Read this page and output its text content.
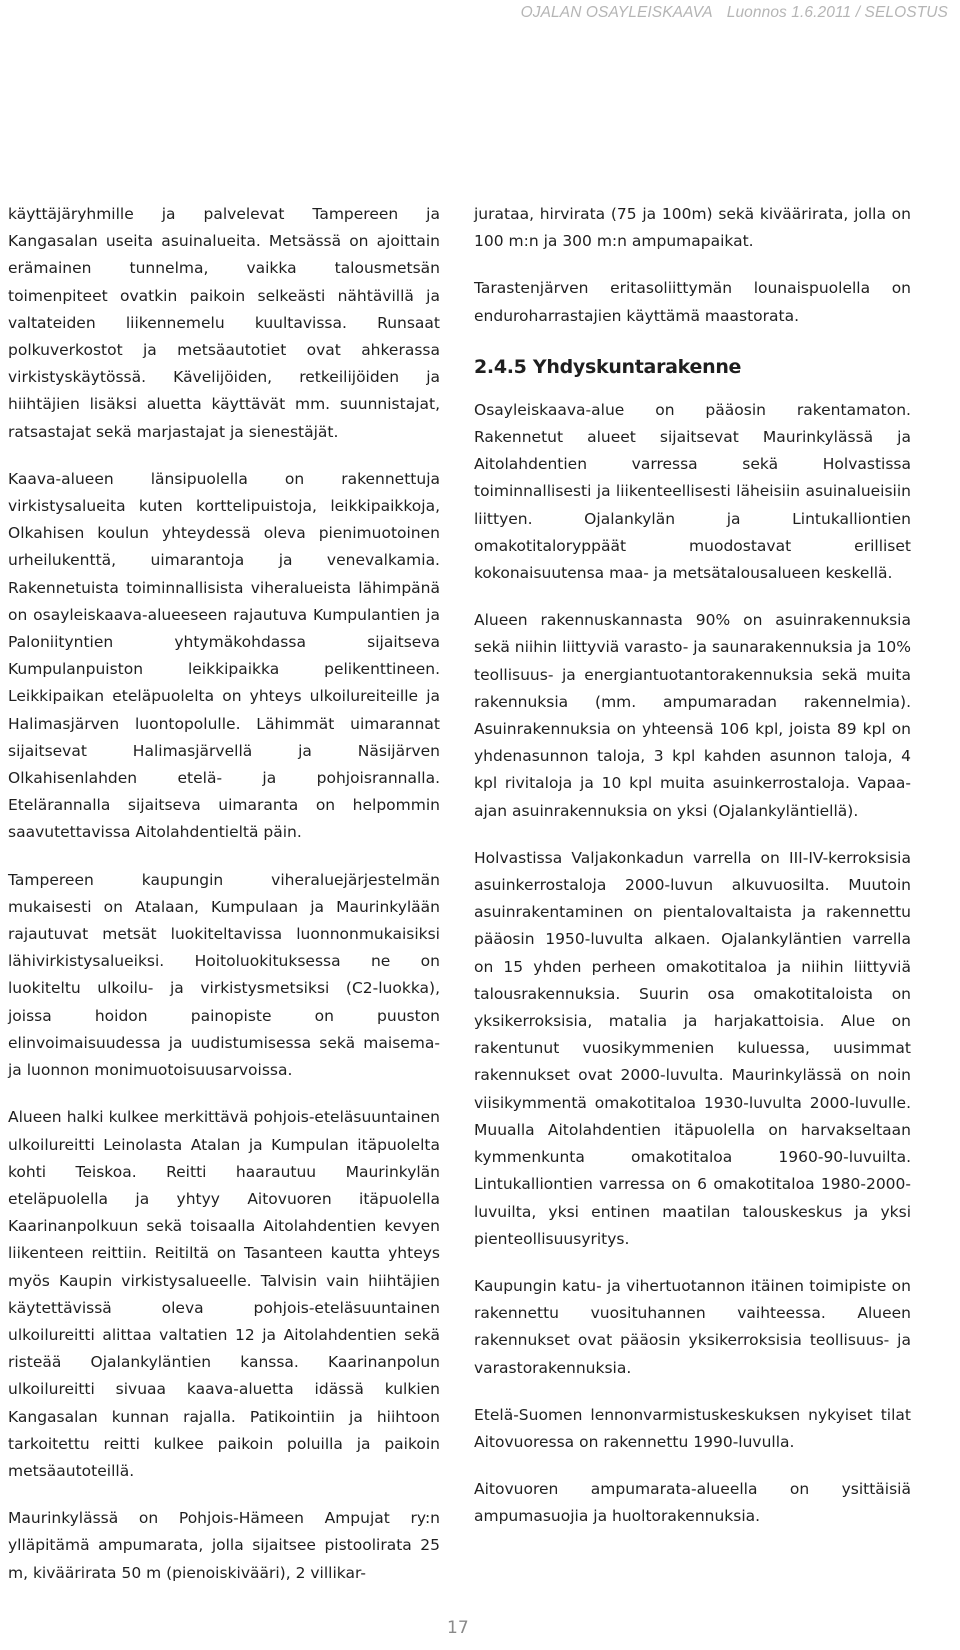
OJALAN OSAYLEISKAAVA Luonnos 1.6.2011 / SELOSTUS

käyttäjäryhmille ja palvelevat Tampereen ja Kangasalan useita asuinalueita. Metsässä on ajoittain erämainen tunnelma, vaikka talousmetsän toimenpiteet ovatkin paikoin selkeästi nähtävillä ja valtateiden liikennemelu kuultavissa. Runsaat polkuverkostot ja metsäautotiet ovat ahkerassa virkistyskäytössä. Kävelijöiden, retkeilijöiden ja hiihtäjien lisäksi aluetta käyttävät mm. suunnistajat, ratsastajat sekä marjastajat ja sienestäjät.

Kaava-alueen länsipuolella on rakennettuja virkistysalueita kuten korttelipuistoja, leikkipaikkoja, Olkahisen koulun yhteydessä oleva pienimuotoinen urheilukenttä, uimarantoja ja venevalkamia. Rakennetuista toiminnallisista viheralueista lähimpänä on osayleiskaava-alueeseen rajautuva Kumpulantien ja Paloniityntien yhtymäkohdassa sijaitseva Kumpulanpuiston leikkipaikka pelikenttineen. Leikkipaikan eteläpuolelta on yhteys ulkoilureiteille ja Halimasjärven luontopolulle. Lähimmät uimarannat sijaitsevat Halimasjärvellä ja Näsijärven Olkahisenlahden etelä- ja pohjoisrannalla. Etelärannalla sijaitseva uimaranta on helpommin saavutettavissa Aitolahdentieltä päin.

Tampereen kaupungin viheraluejärjestelmän mukaisesti on Atalaan, Kumpulaan ja Maurinkylään rajautuvat metsät luokiteltavissa luonnonmukaisiksi lähivirkistysalueiksi. Hoitoluokituksessa ne on luokiteltu ulkoilu- ja virkistysmetsiksi (C2-luokka), joissa hoidon painopiste on puuston elinvoimaisuudessa ja uudistumisessa sekä maisema- ja luonnon monimuotoisuusarvoissa.

Alueen halki kulkee merkittävä pohjois-eteläsuuntainen ulkoilureitti Leinolasta Atalan ja Kumpulan itäpuolelta kohti Teiskoa. Reitti haarautuu Maurinkylän eteläpuolella ja yhtyy Aitovuoren itäpuolella Kaarinanpolkuun sekä toisaalla Aitolahdentien kevyen liikenteen reittiin. Reitiltä on Tasanteen kautta yhteys myös Kaupin virkistysalueelle. Talvisin vain hiihtäjien käytettävissä oleva pohjois-eteläsuuntainen ulkoilureitti alittaa valtatien 12 ja Aitolahdentien sekä risteää Ojalankyläntien kanssa. Kaarinanpolun ulkoilureitti sivuaa kaava-aluetta idässä kulkien Kangasalan kunnan rajalla. Patikointiin ja hiihtoon tarkoitettu reitti kulkee paikoin poluilla ja paikoin metsäautoteillä.

Maurinkylässä on Pohjois-Hämeen Ampujat ry:n ylläpitämä ampumarata, jolla sijaitsee pistoolirata 25 m, kiväärirata 50 m (pienoiskivääri), 2 villikar-

jurataa, hirvirata (75 ja 100m) sekä kiväärirata, jolla on 100 m:n ja 300 m:n ampumapaikat.

Tarastenjärven eritasoliittymän lounaispuolella on enduroharrastajien käyttämä maastorata.

2.4.5 Yhdyskuntarakenne

Osayleiskaava-alue on pääosin rakentamaton. Rakennetut alueet sijaitsevat Maurinkylässä ja Aitolahdentien varressa sekä Holvastissa toiminnallisesti ja liikenteellisesti läheisiin asuinalueisiin liittyen. Ojalankylän ja Lintukalliontien omakotitaloryppäät muodostavat erilliset kokonaisuutensa maa- ja metsätalousalueen keskellä.

Alueen rakennuskannasta 90% on asuinrakennuksia sekä niihin liittyviä varasto- ja saunarakennuksia ja 10% teollisuus- ja energiantuotantorakennuksia sekä muita rakennuksia (mm. ampumaradan rakennelmia). Asuinrakennuksia on yhteensä 106 kpl, joista 89 kpl on yhdenasunnon taloja, 3 kpl kahden asunnon taloja, 4 kpl rivitaloja ja 10 kpl muita asuinkerrostaloja. Vapaa-ajan asuinrakennuksia on yksi (Ojalankyläntiellä).

Holvastissa Valjakonkadun varrella on III-IV-kerroksisia asuinkerrostaloja 2000-luvun alkuvuosilta. Muutoin asuinrakentaminen on pientalovaltaista ja rakennettu pääosin 1950-luvulta alkaen. Ojalankyläntien varrella on 15 yhden perheen omakotitaloa ja niihin liittyviä talousrakennuksia. Suurin osa omakotitaloista on yksikerroksisia, matalia ja harjakattoisia. Alue on rakentunut vuosikymmenien kuluessa, uusimmat rakennukset ovat 2000-luvulta. Maurinkylässä on noin viisikymmentä omakotitaloa 1930-luvulta 2000-luvulle. Muualla Aitolahdentien itäpuolella on harvakseltaan kymmenkunta omakotitaloa 1960-90-luvuilta. Lintukalliontien varressa on 6 omakotitaloa 1980-2000-luvuilta, yksi entinen maatilan talouskeskus ja yksi pienteollisuusyritys.

Kaupungin katu- ja vihertuotannon itäinen toimipiste on rakennettu vuosituhannen vaihteessa. Alueen rakennukset ovat pääosin yksikerroksisia teollisuus- ja varastorakennuksia.

Etelä-Suomen lennonvarmistuskeskuksen nykyiset tilat Aitovuoressa on rakennettu 1990-luvulla.

Aitovuoren ampumarata-alueella on ysittäisiä ampumasuojia ja huoltorakennuksia.

17
